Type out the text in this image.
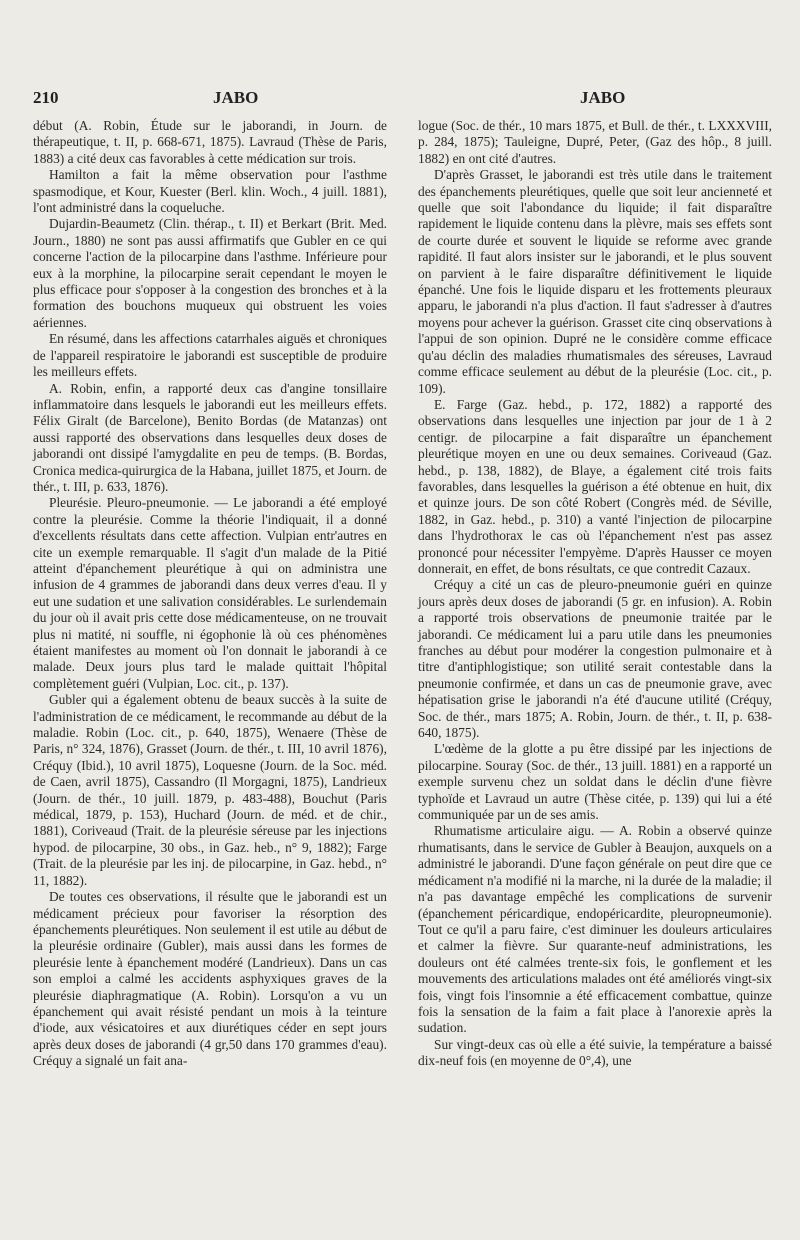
210	JABO	JABO

début (A. Robin, Étude sur le jaborandi, in Journ. de thérapeutique, t. II, p. 668-671, 1875). Lavraud (Thèse de Paris, 1883) a cité deux cas favorables à cette médication sur trois.

Hamilton a fait la même observation pour l'asthme spasmodique, et Kour, Kuester (Berl. klin. Woch., 4 juill. 1881), l'ont administré dans la coqueluche.

Dujardin-Beaumetz (Clin. thérap., t. II) et Berkart (Brit. Med. Journ., 1880) ne sont pas aussi affirmatifs que Gubler en ce qui concerne l'action de la pilocarpine dans l'asthme. Inférieure pour eux à la morphine, la pilocarpine serait cependant le moyen le plus efficace pour s'opposer à la congestion des bronches et à la formation des bouchons muqueux qui obstruent les voies aériennes.

En résumé, dans les affections catarrhales aiguës et chroniques de l'appareil respiratoire le jaborandi est susceptible de produire les meilleurs effets.

A. Robin, enfin, a rapporté deux cas d'angine tonsillaire inflammatoire dans lesquels le jaborandi eut les meilleurs effets. Félix Giralt (de Barcelone), Benito Bordas (de Matanzas) ont aussi rapporté des observations dans lesquelles deux doses de jaborandi ont dissipé l'amygdalite en peu de temps. (B. Bordas, Cronica medica-quirurgica de la Habana, juillet 1875, et Journ. de thér., t. III, p. 633, 1876).

Pleurésie. Pleuro-pneumonie. — Le jaborandi a été employé contre la pleurésie. Comme la théorie l'indiquait, il a donné d'excellents résultats dans cette affection. Vulpian entr'autres en cite un exemple remarquable. Il s'agit d'un malade de la Pitié atteint d'épanchement pleurétique à qui on administra une infusion de 4 grammes de jaborandi dans deux verres d'eau. Il y eut une sudation et une salivation considérables. Le surlendemain du jour où il avait pris cette dose médicamenteuse, on ne trouvait plus ni matité, ni souffle, ni égophonie là où ces phénomènes étaient manifestes au moment où l'on donnait le jaborandi à ce malade. Deux jours plus tard le malade quittait l'hôpital complètement guéri (Vulpian, Loc. cit., p. 137).

Gubler qui a également obtenu de beaux succès à la suite de l'administration de ce médicament, le recommande au début de la maladie. Robin (Loc. cit., p. 640, 1875), Wenaere (Thèse de Paris, n° 324, 1876), Grasset (Journ. de thér., t. III, 10 avril 1876), Créquy (Ibid.), 10 avril 1875), Loquesne (Journ. de la Soc. méd. de Caen, avril 1875), Cassandro (Il Morgagni, 1875), Landrieux (Journ. de thér., 10 juill. 1879, p. 483-488), Bouchut (Paris médical, 1879, p. 153), Huchard (Journ. de méd. et de chir., 1881), Coriveaud (Trait. de la pleurésie séreuse par les injections hypod. de pilocarpine, 30 obs., in Gaz. heb., n° 9, 1882); Farge (Trait. de la pleurésie par les inj. de pilocarpine, in Gaz. hebd., n° 11, 1882).

De toutes ces observations, il résulte que le jaborandi est un médicament précieux pour favoriser la résorption des épanchements pleurétiques. Non seulement il est utile au début de la pleurésie ordinaire (Gubler), mais aussi dans les formes de pleurésie lente à épanchement modéré (Landrieux). Dans un cas son emploi a calmé les accidents asphyxiques graves de la pleurésie diaphragmatique (A. Robin). Lorsqu'on a vu un épanchement qui avait résisté pendant un mois à la teinture d'iode, aux vésicatoires et aux diurétiques céder en sept jours après deux doses de jaborandi (4 gr,50 dans 170 grammes d'eau). Créquy a signalé un fait ana-

logue (Soc. de thér., 10 mars 1875, et Bull. de thér., t. LXXXVIII, p. 284, 1875); Tauleigne, Dupré, Peter, (Gaz des hôp., 8 juill. 1882) en ont cité d'autres.

D'après Grasset, le jaborandi est très utile dans le traitement des épanchements pleurétiques, quelle que soit leur ancienneté et quelle que soit l'abondance du liquide; il fait disparaître rapidement le liquide contenu dans la plèvre, mais ses effets sont de courte durée et souvent le liquide se reforme avec grande rapidité. Il faut alors insister sur le jaborandi, et le plus souvent on parvient à le faire disparaître définitivement le liquide épanché. Une fois le liquide disparu et les frottements pleuraux apparu, le jaborandi n'a plus d'action. Il faut s'adresser à d'autres moyens pour achever la guérison. Grasset cite cinq observations à l'appui de son opinion. Dupré ne le considère comme efficace qu'au déclin des maladies rhumatismales des séreuses, Lavraud comme efficace seulement au début de la pleurésie (Loc. cit., p. 109).

E. Farge (Gaz. hebd., p. 172, 1882) a rapporté des observations dans lesquelles une injection par jour de 1 à 2 centigr. de pilocarpine a fait disparaître un épanchement pleurétique moyen en une ou deux semaines. Coriveaud (Gaz. hebd., p. 138, 1882), de Blaye, a également cité trois faits favorables, dans lesquelles la guérison a été obtenue en huit, dix et quinze jours. De son côté Robert (Congrès méd. de Séville, 1882, in Gaz. hebd., p. 310) a vanté l'injection de pilocarpine dans l'hydrothorax le cas où l'épanchement n'est pas assez prononcé pour nécessiter l'empyème. D'après Hausser ce moyen donnerait, en effet, de bons résultats, ce que contredit Cazaux.

Créquy a cité un cas de pleuro-pneumonie guéri en quinze jours après deux doses de jaborandi (5 gr. en infusion). A. Robin a rapporté trois observations de pneumonie traitée par le jaborandi. Ce médicament lui a paru utile dans les pneumonies franches au début pour modérer la congestion pulmonaire et à titre d'antiphlogistique; son utilité serait contestable dans la pneumonie confirmée, et dans un cas de pneumonie grave, avec hépatisation grise le jaborandi n'a été d'aucune utilité (Créquy, Soc. de thér., mars 1875; A. Robin, Journ. de thér., t. II, p. 638-640, 1875).

L'œdème de la glotte a pu être dissipé par les injections de pilocarpine. Souray (Soc. de thér., 13 juill. 1881) en a rapporté un exemple survenu chez un soldat dans le déclin d'une fièvre typhoïde et Lavraud un autre (Thèse citée, p. 139) qui lui a été communiquée par un de ses amis.

Rhumatisme articulaire aigu. — A. Robin a observé quinze rhumatisants, dans le service de Gubler à Beaujon, auxquels on a administré le jaborandi. D'une façon générale on peut dire que ce médicament n'a modifié ni la marche, ni la durée de la maladie; il n'a pas davantage empêché les complications de survenir (épanchement péricardique, endopéricardite, pleuropneumonie). Tout ce qu'il a paru faire, c'est diminuer les douleurs articulaires et calmer la fièvre. Sur quarante-neuf administrations, les douleurs ont été calmées trente-six fois, le gonflement et les mouvements des articulations malades ont été améliorés vingt-six fois, vingt fois l'insomnie a été efficacement combattue, quinze fois la sensation de la faim a fait place à l'anorexie après la sudation.

Sur vingt-deux cas où elle a été suivie, la température a baissé dix-neuf fois (en moyenne de 0°,4), une
